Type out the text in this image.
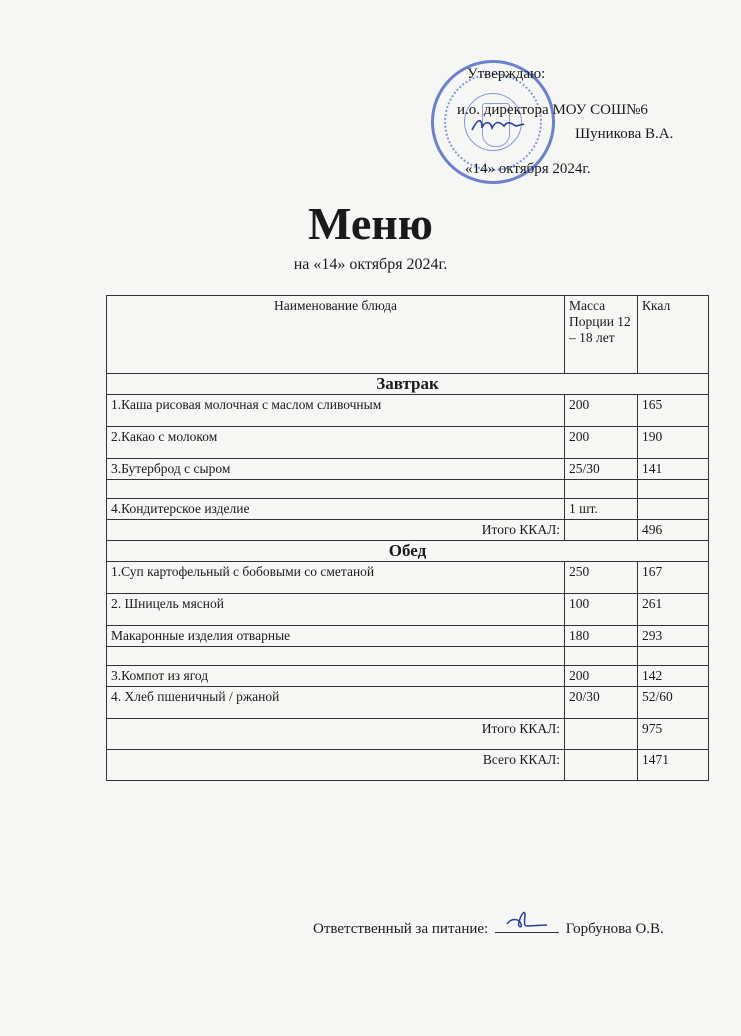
Утверждаю:
и.о. директора МОУ СОШ№6
Шуникова В.А.
«14» октября 2024г.
Меню
на «14» октября 2024г.
Наименование блюда	Масса Порции 12 – 18 лет	Ккал
Завтрак		
1.Каша рисовая молочная с маслом сливочным	200	165
2.Какао с молоком	200	190
3.Бутерброд с сыром	25/30	141

4.Кондитерское изделие	1 шт.	
Итого ККАЛ:		496
Обед		
1.Суп картофельный с бобовыми со сметаной	250	167
2. Шницель мясной	100	261
Макаронные изделия отварные	180	293

3.Компот из ягод	200	142
4. Хлеб пшеничный / ржаной	20/30	52/60
Итого ККАЛ:		975
Всего ККАЛ:		1471
Ответственный за питание:	Горбунова О.В.
